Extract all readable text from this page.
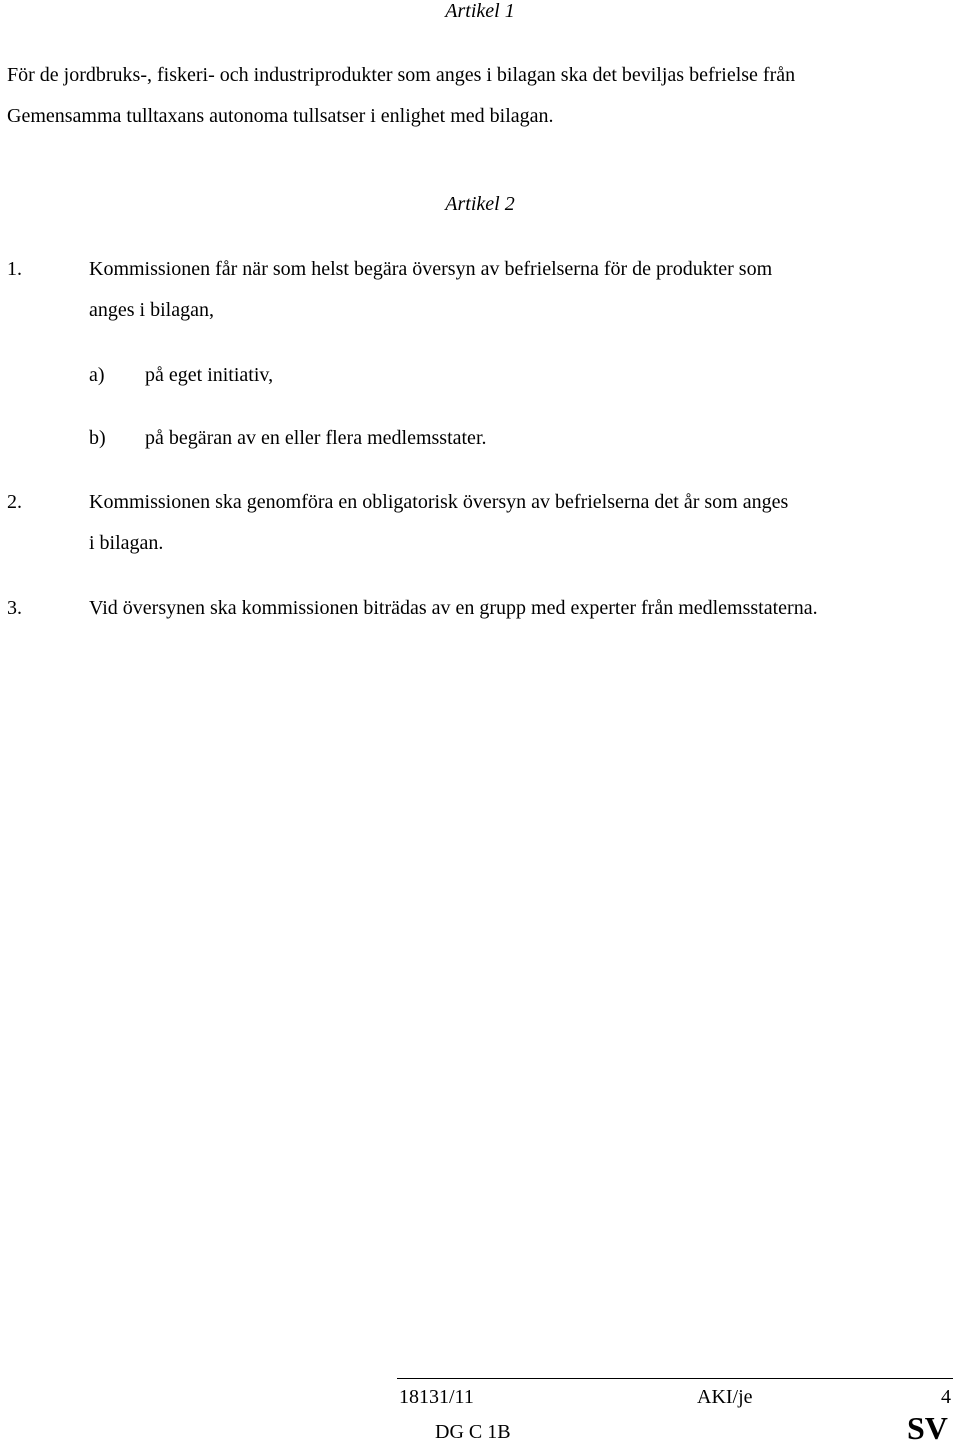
Artikel 1
För de jordbruks-, fiskeri- och industriprodukter som anges i bilagan ska det beviljas befrielse från
Gemensamma tulltaxans autonoma tullsatser i enlighet med bilagan.
Artikel 2
1.	Kommissionen får när som helst begära översyn av befrielserna för de produkter som
anges i bilagan,
a) på eget initiativ,
b) på begäran av en eller flera medlemsstater.
2.	Kommissionen ska genomföra en obligatorisk översyn av befrielserna det år som anges
i bilagan.
3.	Vid översynen ska kommissionen biträdas av en grupp med experter från medlemsstaterna.
18131/11	AKI/je	4
DG C 1B	SV
